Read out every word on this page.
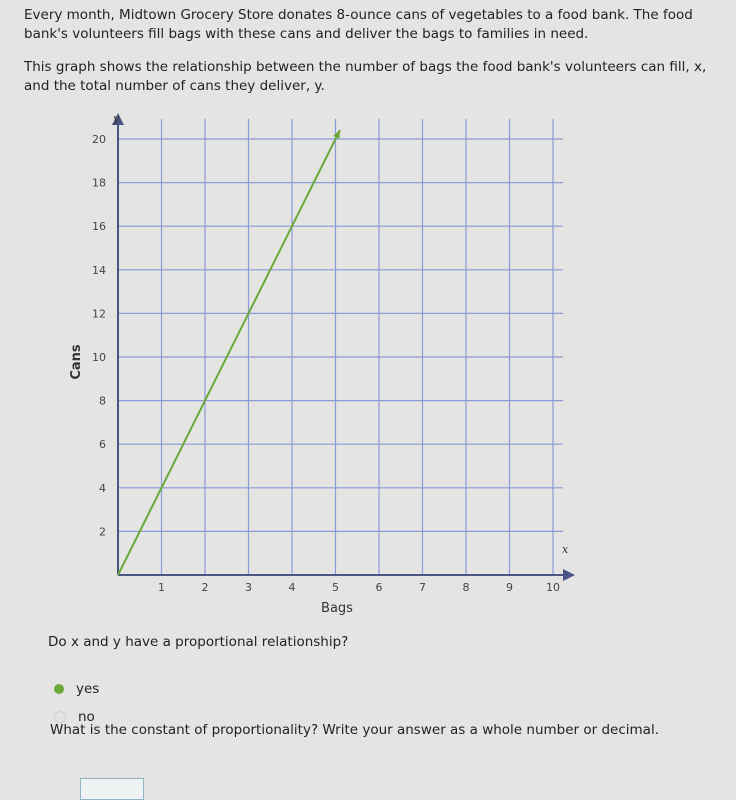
Every month, Midtown Grocery Store donates 8-ounce cans of vegetables to a food bank. The food bank's volunteers fill bags with these cans and deliver the bags to families in need.

This graph shows the relationship between the number of bags the food bank's volunteers can fill, x, and the total number of cans they deliver, y.

1	2	3	4	5	6	7	8	9	10
2
4
6
8
10
12
14
16
18
20
Bags
Cans
y
x
Do x and y have a proportional relationship?
yes
no
What is the constant of proportionality? Write your answer as a whole number or decimal.
